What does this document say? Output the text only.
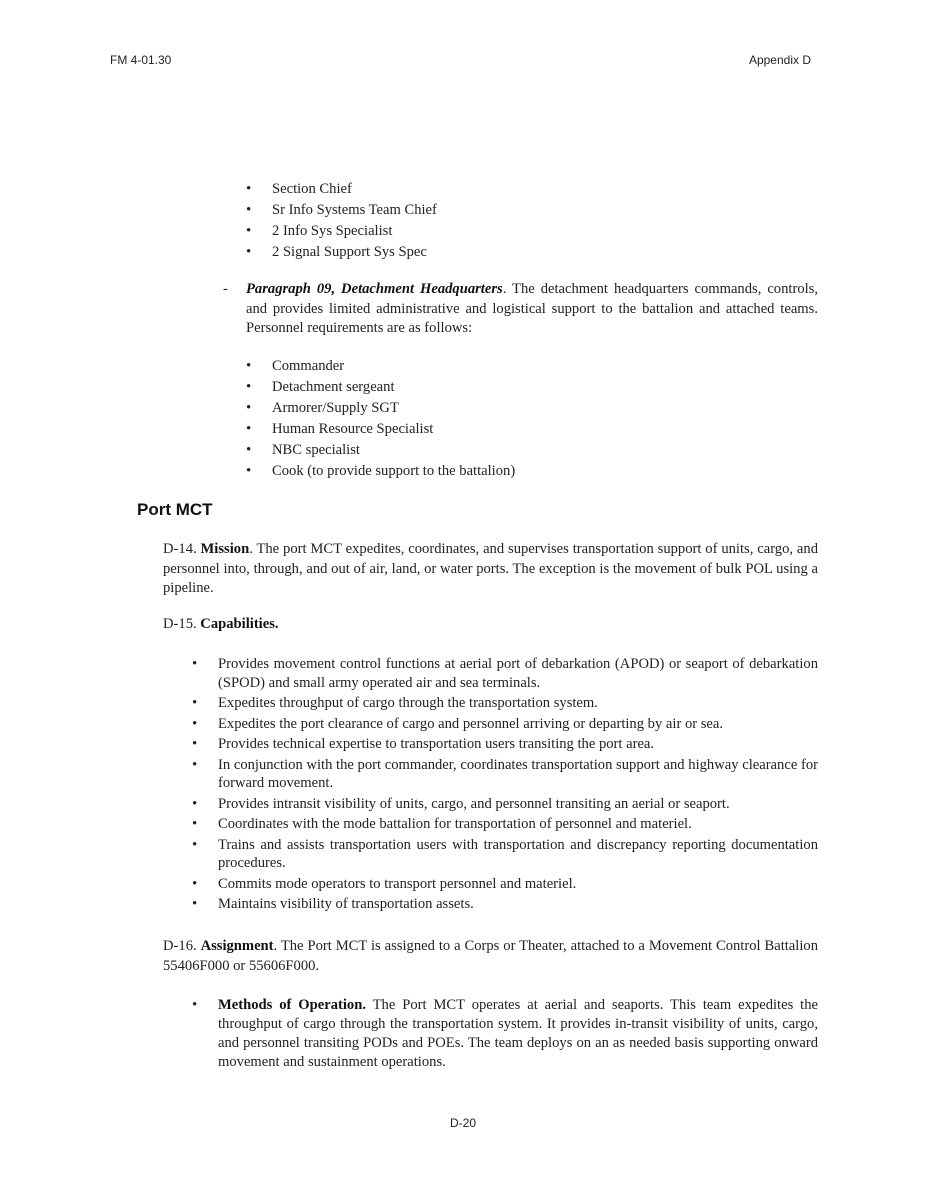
FM 4-01.30	Appendix D
• Section Chief
• Sr Info Systems Team Chief
• 2 Info Sys Specialist
• 2 Signal Support Sys Spec
- Paragraph 09, Detachment Headquarters. The detachment headquarters commands, controls, and provides limited administrative and logistical support to the battalion and attached teams. Personnel requirements are as follows:

• Commander
• Detachment sergeant
• Armorer/Supply SGT
• Human Resource Specialist
• NBC specialist
• Cook (to provide support to the battalion)
Port MCT

D-14. Mission. The port MCT expedites, coordinates, and supervises transportation support of units, cargo, and personnel into, through, and out of air, land, or water ports. The exception is the movement of bulk POL using a pipeline.

D-15. Capabilities.

• Provides movement control functions at aerial port of debarkation (APOD) or seaport of debarkation (SPOD) and small army operated air and sea terminals.
• Expedites throughput of cargo through the transportation system.
• Expedites the port clearance of cargo and personnel arriving or departing by air or sea.
• Provides technical expertise to transportation users transiting the port area.
• In conjunction with the port commander, coordinates transportation support and highway clearance for forward movement.
• Provides intransit visibility of units, cargo, and personnel transiting an aerial or seaport.
• Coordinates with the mode battalion for transportation of personnel and materiel.
• Trains and assists transportation users with transportation and discrepancy reporting documentation procedures.
• Commits mode operators to transport personnel and materiel.
• Maintains visibility of transportation assets.

D-16. Assignment. The Port MCT is assigned to a Corps or Theater, attached to a Movement Control Battalion 55406F000 or 55606F000.

• Methods of Operation. The Port MCT operates at aerial and seaports. This team expedites the throughput of cargo through the transportation system. It provides in-transit visibility of units, cargo, and personnel transiting PODs and POEs. The team deploys on an as needed basis supporting onward movement and sustainment operations.
D-20
